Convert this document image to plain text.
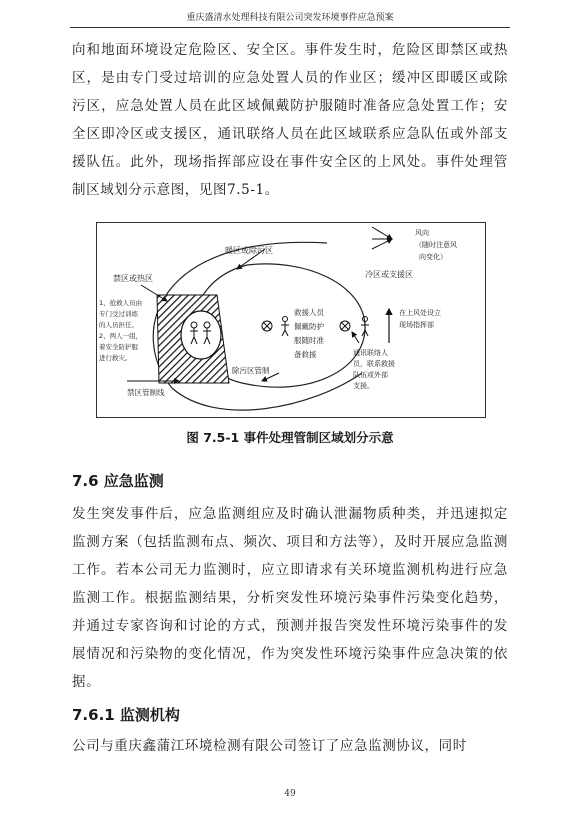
重庆盛清水处理科技有限公司突发环境事件应急预案

向和地面环境设定危险区、安全区。事件发生时，危险区即禁区或热区，是由专门受过培训的应急处置人员的作业区；缓冲区即暖区或除污区，应急处置人员在此区域佩戴防护服随时准备应急处置工作；安全区即冷区或支援区，通讯联络人员在此区域联系应急队伍或外部支援队伍。此外，现场指挥部应设在事件安全区的上风处。事件处理管制区域划分示意图，见图7.5-1。

风向
（随时注意风
向变化）
暖区或除污区
禁区或热区
1、抢救人员由
专门受过训练
的人员担任。
2、两人一组，
着安全防护服
进行救灾。
救援人员
佩戴防护
服随时准
备救援
冷区或支援区
在上风处设立
现场指挥部
通讯联络人
员，联系救援
队伍或外部
支援。
禁区管制线
除污区管制
图 7.5-1 事件处理管制区域划分示意
7.6 应急监测

发生突发事件后，应急监测组应及时确认泄漏物质种类，并迅速拟定监测方案（包括监测布点、频次、项目和方法等），及时开展应急监测工作。若本公司无力监测时，应立即请求有关环境监测机构进行应急监测工作。根据监测结果，分析突发性环境污染事件污染变化趋势，并通过专家咨询和讨论的方式，预测并报告突发性环境污染事件的发展情况和污染物的变化情况，作为突发性环境污染事件应急决策的依据。

7.6.1 监测机构

公司与重庆鑫蒲江环境检测有限公司签订了应急监测协议，同时

49
